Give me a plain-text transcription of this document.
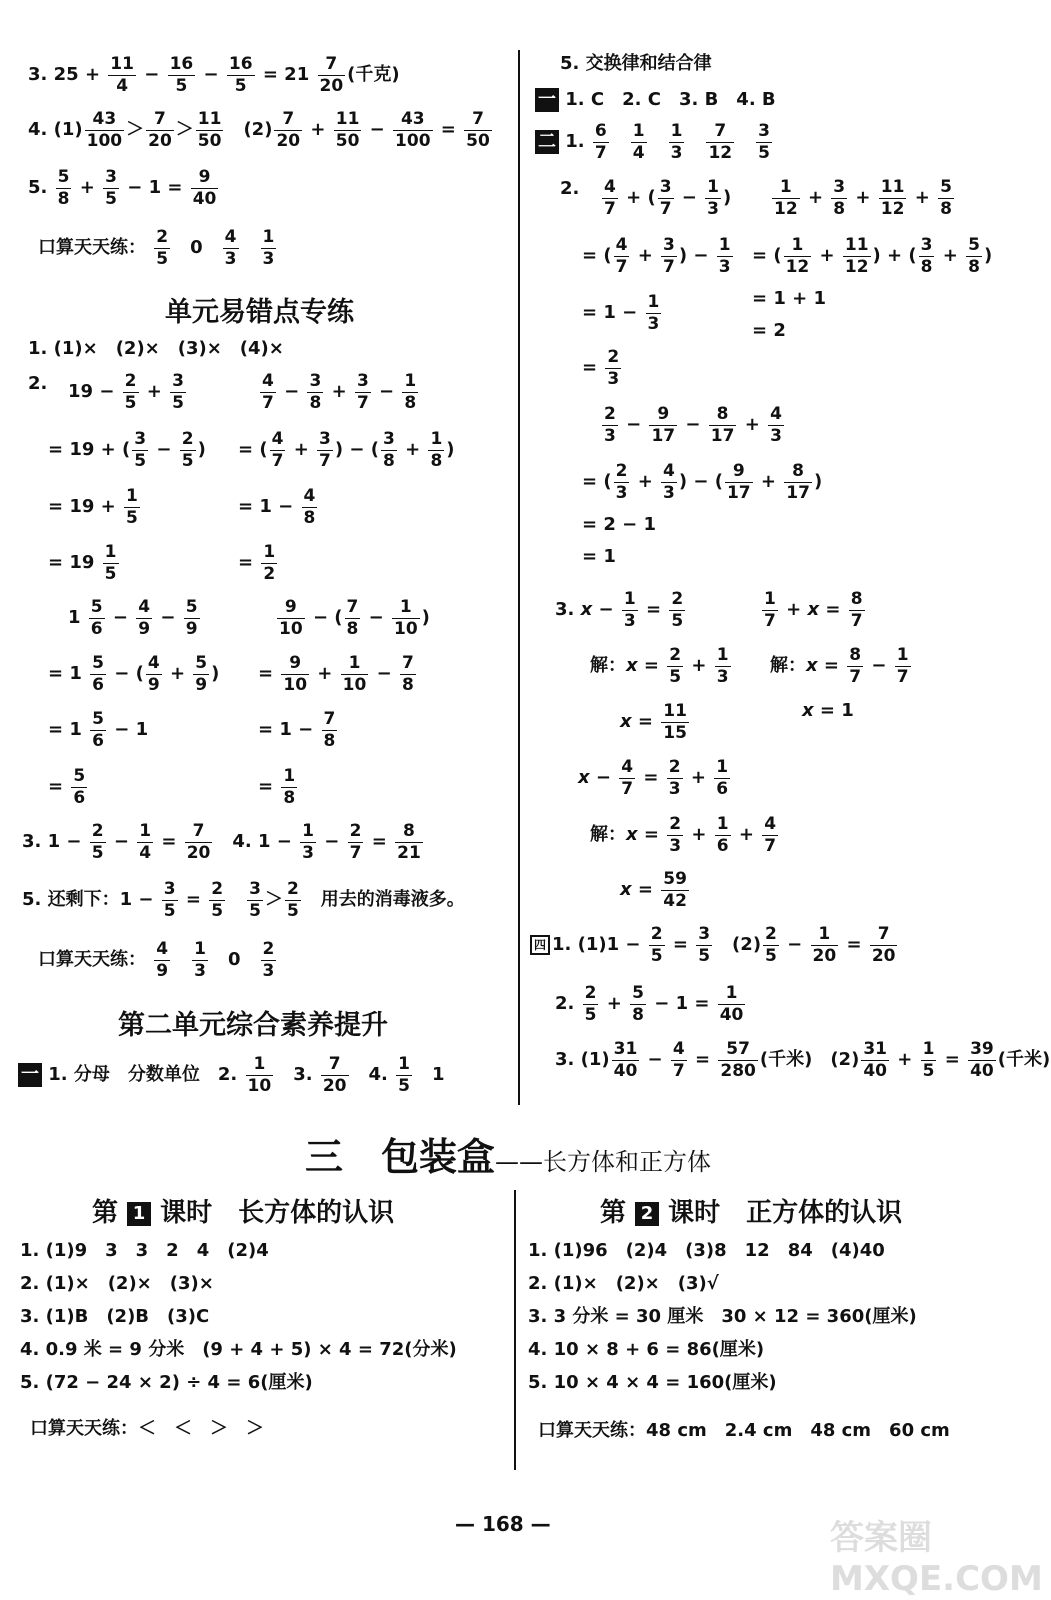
3. $25 + \frac{11}{4} - \frac{16}{5} - \frac{16}{5} = 21 \frac{7}{20}$ (千克)
4. $(1) \frac{43}{100} > \frac{7}{20} > \frac{11}{50}$ 　$(2) \frac{7}{20} + \frac{11}{50} - \frac{43}{100} = \frac{7}{50}$
5. $\frac{5}{8} + \frac{3}{5} - 1 = \frac{9}{40}$
口算天天练： $\frac{2}{5}$ 　0　 $\frac{4}{3}$
　 $\frac{1}{3}$
单元易错点专练
1. (1)×　(2)×　(3)×　(4)×
2. $19 - \frac{2}{5} + \frac{3}{5}$
= 19 + ( $\frac{3}{5} - \frac{2}{5}$ )
= $19 + \frac{1}{5}$
= $19 \frac{1}{5}$
$1 \frac{5}{6} - \frac{4}{9} - \frac{5}{9}$
= $1 \frac{5}{6}$ − ( $\frac{4}{9} + \frac{5}{9}$ )
= $1 \frac{5}{6} - 1$
= $\frac{5}{6}$
$\frac{4}{7} - \frac{3}{8} + \frac{3}{7} - \frac{1}{8}$
= ( $\frac{4}{7} + \frac{3}{7}$ ) − ( $\frac{3}{8} + \frac{1}{8}$ )
= $1 - \frac{4}{8}$
= $\frac{1}{2}$
$\frac{9}{10}$ − ( $\frac{7}{8} - \frac{1}{10}$ )
= $\frac{9}{10} + \frac{1}{10} - \frac{7}{8}$
= $1 - \frac{7}{8}$
= $\frac{1}{8}$
3. $1 - \frac{2}{5} - \frac{1}{4} = \frac{7}{20}$ 　4. $1 - \frac{1}{3} - \frac{2}{7} = \frac{8}{21}$
5. 还剩下：$1 - \frac{3}{5} = \frac{2}{5}$
　 $\frac{3}{5} > \frac{2}{5}$ 　用去的消毒液多。
口算天天练： $\frac{4}{9}$
　 $\frac{1}{3}$ 　0　 $\frac{2}{3}$
第二单元综合素养提升
一 1. 分母　分数单位　2. $\frac{1}{10}$ 　3. $\frac{7}{20}$ 　4. $\frac{1}{5}$ 　1
5. 交换律和结合律
一 1. C　2. C　3. B　4. B
二 1. $\frac{6}{7}$
　 $\frac{1}{4}$
　 $\frac{1}{3}$
　 $\frac{7}{12}$
　 $\frac{3}{5}$
2. $\frac{4}{7}$ + ( $\frac{3}{7} - \frac{1}{3}$ )
= ( $\frac{4}{7} + \frac{3}{7}$ ) − $\frac{1}{3}$
= $1 - \frac{1}{3}$
= $\frac{2}{3}$
$\frac{2}{3} - \frac{9}{17} - \frac{8}{17} + \frac{4}{3}$
= ( $\frac{2}{3} + \frac{4}{3}$ ) − ( $\frac{9}{17} + \frac{8}{17}$ )
= 2 − 1
= 1
$\frac{1}{12} + \frac{3}{8} + \frac{11}{12} + \frac{5}{8}$
= ( $\frac{1}{12} + \frac{11}{12}$ ) + ( $\frac{3}{8} + \frac{5}{8}$ )
= 1 + 1
= 2
3. $x - \frac{1}{3} = \frac{2}{5}$
解：$x = \frac{2}{5} + \frac{1}{3}$
$x = \frac{11}{15}$
$x - \frac{4}{7} = \frac{2}{3} + \frac{1}{6}$
解：$x = \frac{2}{3} + \frac{1}{6} + \frac{4}{7}$
$x = \frac{59}{42}$
$\frac{1}{7} + x = \frac{8}{7}$
解：$x = \frac{8}{7} - \frac{1}{7}$
x = 1
四 1. $(1)1 - \frac{2}{5} = \frac{3}{5}$ 　$(2) \frac{2}{5} - \frac{1}{20} = \frac{7}{20}$
2. $\frac{2}{5} + \frac{5}{8} - 1 = \frac{1}{40}$
3. $(1) \frac{31}{40} - \frac{4}{7} = \frac{57}{280}$ (千米)　$(2) \frac{31}{40} + \frac{1}{5} = \frac{39}{40}$ (千米)
三　包装盒——长方体和正方体
第 1 课时　长方体的认识
1. (1)9　3　3　2　4　(2)4
2. (1)×　(2)×　(3)×
3. (1)B　(2)B　(3)C
4. 0.9 米 = 9 分米　(9 + 4 + 5) × 4 = 72(分米)
5. (72 − 24 × 2) ÷ 4 = 6(厘米)
口算天天练：＜　＜　＞　＞
第 2 课时　正方体的认识
1. (1)96　(2)4　(3)8　12　84　(4)40
2. (1)×　(2)×　(3)√
3. 3 分米 = 30 厘米　30 × 12 = 360(厘米)
4. 10 × 8 + 6 = 86(厘米)
5. 10 × 4 × 4 = 160(厘米)
口算天天练：48 cm　2.4 cm　48 cm　60 cm
— 168 —	答案圈 MXQE.COM
